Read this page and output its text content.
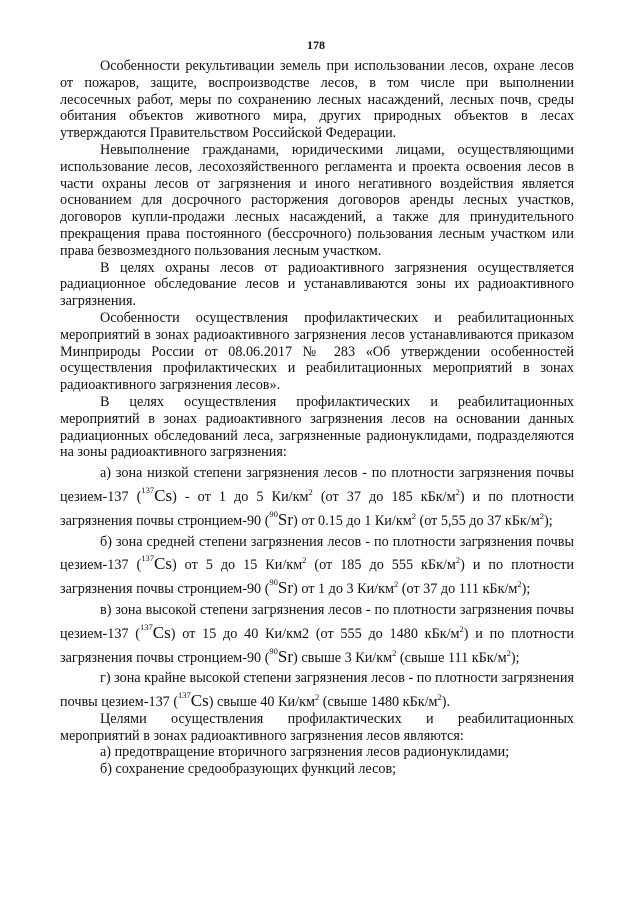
178

Особенности рекультивации земель при использовании лесов, охране лесов от пожаров, защите, воспроизводстве лесов, в том числе при выполнении лесосечных работ, меры по сохранению лесных насаждений, лесных почв, среды обитания объектов животного мира, других природных объектов в лесах утверждаются Правительством Российской Федерации.

Невыполнение гражданами, юридическими лицами, осуществляющими использование лесов, лесохозяйственного регламента и проекта освоения лесов в части охраны лесов от загрязнения и иного негативного воздействия является основанием для досрочного расторжения договоров аренды лесных участков, договоров купли-продажи лесных насаждений, а также для принудительного прекращения права постоянного (бессрочного) пользования лесным участком или права безвозмездного пользования лесным участком.

В целях охраны лесов от радиоактивного загрязнения осуществляется радиационное обследование лесов и устанавливаются зоны их радиоактивного загрязнения.

Особенности осуществления профилактических и реабилитационных мероприятий в зонах радиоактивного загрязнения лесов устанавливаются приказом Минприроды России от 08.06.2017 № 283 «Об утверждении особенностей осуществления профилактических и реабилитационных мероприятий в зонах радиоактивного загрязнения лесов».

В целях осуществления профилактических и реабилитационных мероприятий в зонах радиоактивного загрязнения лесов на основании данных радиационных обследований леса, загрязненные радионуклидами, подразделяются на зоны радиоактивного загрязнения:

а) зона низкой степени загрязнения лесов - по плотности загрязнения почвы цезием-137 ($^{137}$Cs) - от 1 до 5 $Ки/км^2$ (от 37 до 185 кБк/$м^2$) и по плотности загрязнения почвы стронцием-90 ($^{90}$Sr) от 0.15 до 1 $Ки/км^2$ (от 5,55 до 37 кБк/$м^2$);

б) зона средней степени загрязнения лесов - по плотности загрязнения почвы цезием-137 ($^{137}$Cs) от 5 до 15 $Ки/км^2$ (от 185 до 555 кБк/$м^2$) и по плотности загрязнения почвы стронцием-90 ($^{90}$Sr) от 1 до 3 $Ки/км^2$ (от 37 до 111 кБк/$м^2$);

в) зона высокой степени загрязнения лесов - по плотности загрязнения почвы цезием-137 ($^{137}$Cs) от 15 до 40 Ки/км2 (от 555 до 1480 кБк/$м^2$) и по плотности загрязнения почвы стронцием-90 ($^{90}$Sr) свыше 3 $Ки/км^2$ (свыше 111 кБк/$м^2$);

г) зона крайне высокой степени загрязнения лесов - по плотности загрязнения почвы цезием-137 ($^{137}$Cs) свыше 40 $Ки/км^2$ (свыше 1480 кБк/$м^2$).

Целями осуществления профилактических и реабилитационных мероприятий в зонах радиоактивного загрязнения лесов являются:

а) предотвращение вторичного загрязнения лесов радионуклидами;

б) сохранение средообразующих функций лесов;
